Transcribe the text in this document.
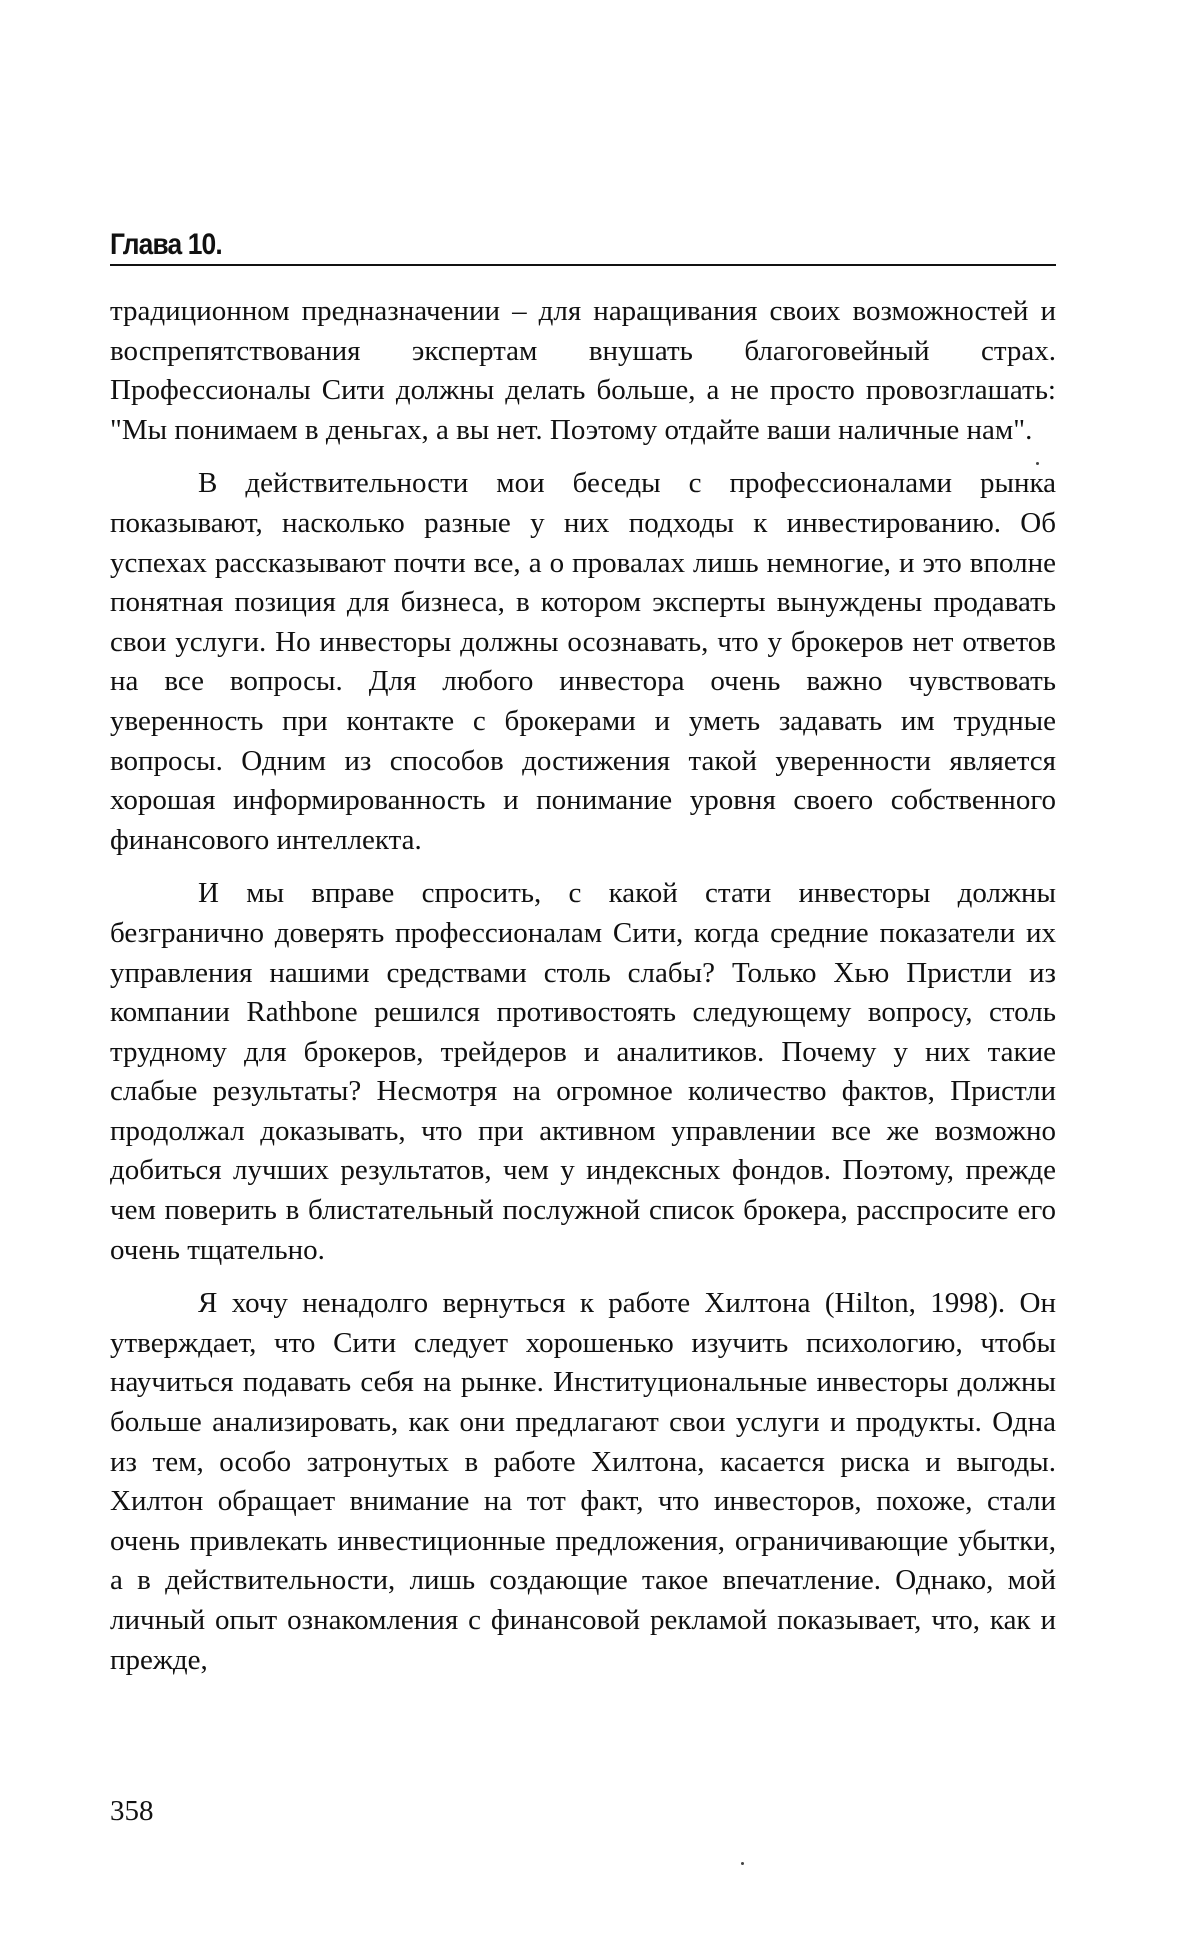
Глава 10.

традиционном предназначении – для наращивания своих возможностей и воспрепятствования экспертам внушать благоговейный страх. Профессионалы Сити должны делать больше, а не просто провозглашать: "Мы понимаем в деньгах, а вы нет. Поэтому отдайте ваши наличные нам".

В действительности мои беседы с профессионалами рынка показывают, насколько разные у них подходы к инвестированию. Об успехах рассказывают почти все, а о провалах лишь немногие, и это вполне понятная позиция для бизнеса, в котором эксперты вынуждены продавать свои услуги. Но инвесторы должны осознавать, что у брокеров нет ответов на все вопросы. Для любого инвестора очень важно чувствовать уверенность при контакте с брокерами и уметь задавать им трудные вопросы. Одним из способов достижения такой уверенности является хорошая информированность и понимание уровня своего собственного финансового интеллекта.

И мы вправе спросить, с какой стати инвесторы должны безгранично доверять профессионалам Сити, когда средние показатели их управления нашими средствами столь слабы? Только Хью Пристли из компании Rathbone решился противостоять следующему вопросу, столь трудному для брокеров, трейдеров и аналитиков. Почему у них такие слабые результаты? Несмотря на огромное количество фактов, Пристли продолжал доказывать, что при активном управлении все же возможно добиться лучших результатов, чем у индексных фондов. Поэтому, прежде чем поверить в блистательный послужной список брокера, расспросите его очень тщательно.

Я хочу ненадолго вернуться к работе Хилтона (Hilton, 1998). Он утверждает, что Сити следует хорошенько изучить психологию, чтобы научиться подавать себя на рынке. Институциональные инвесторы должны больше анализировать, как они предлагают свои услуги и продукты. Одна из тем, особо затронутых в работе Хилтона, касается риска и выгоды. Хилтон обращает внимание на тот факт, что инвесторов, похоже, стали очень привлекать инвестиционные предложения, ограничивающие убытки, а в действительности, лишь создающие такое впечатление. Однако, мой личный опыт ознакомления с финансовой рекламой показывает, что, как и прежде,

358
